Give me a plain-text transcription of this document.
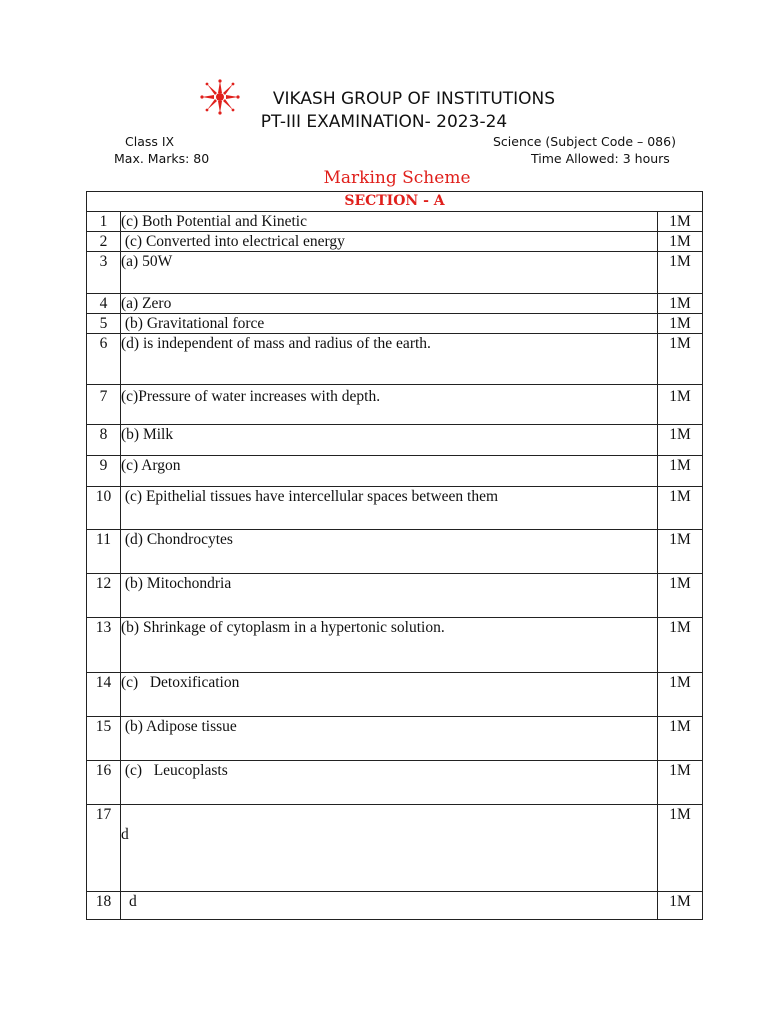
VIKASH GROUP OF INSTITUTIONS
PT-III EXAMINATION- 2023-24
Class IX
Max. Marks: 80
Science (Subject Code – 086)
Time Allowed: 3 hours
Marking Scheme
SECTION - A		
1	(c) Both Potential and Kinetic	1M
2	(c) Converted into electrical energy	1M
3	(a) 50W	1M
4	(a) Zero	1M
5	(b) Gravitational force	1M
6	(d) is independent of mass and radius of the earth.	1M
7	(c)Pressure of water increases with depth.	1M
8	(b) Milk	1M
9	(c) Argon	1M
10	(c) Epithelial tissues have intercellular spaces between them	1M
11	(d) Chondrocytes	1M
12	(b) Mitochondria	1M
13	(b) Shrinkage of cytoplasm in a hypertonic solution.	1M
14	(c)   Detoxification	1M
15	(b) Adipose tissue	1M
16	(c)   Leucoplasts	1M
17	d	1M
18	d	1M
